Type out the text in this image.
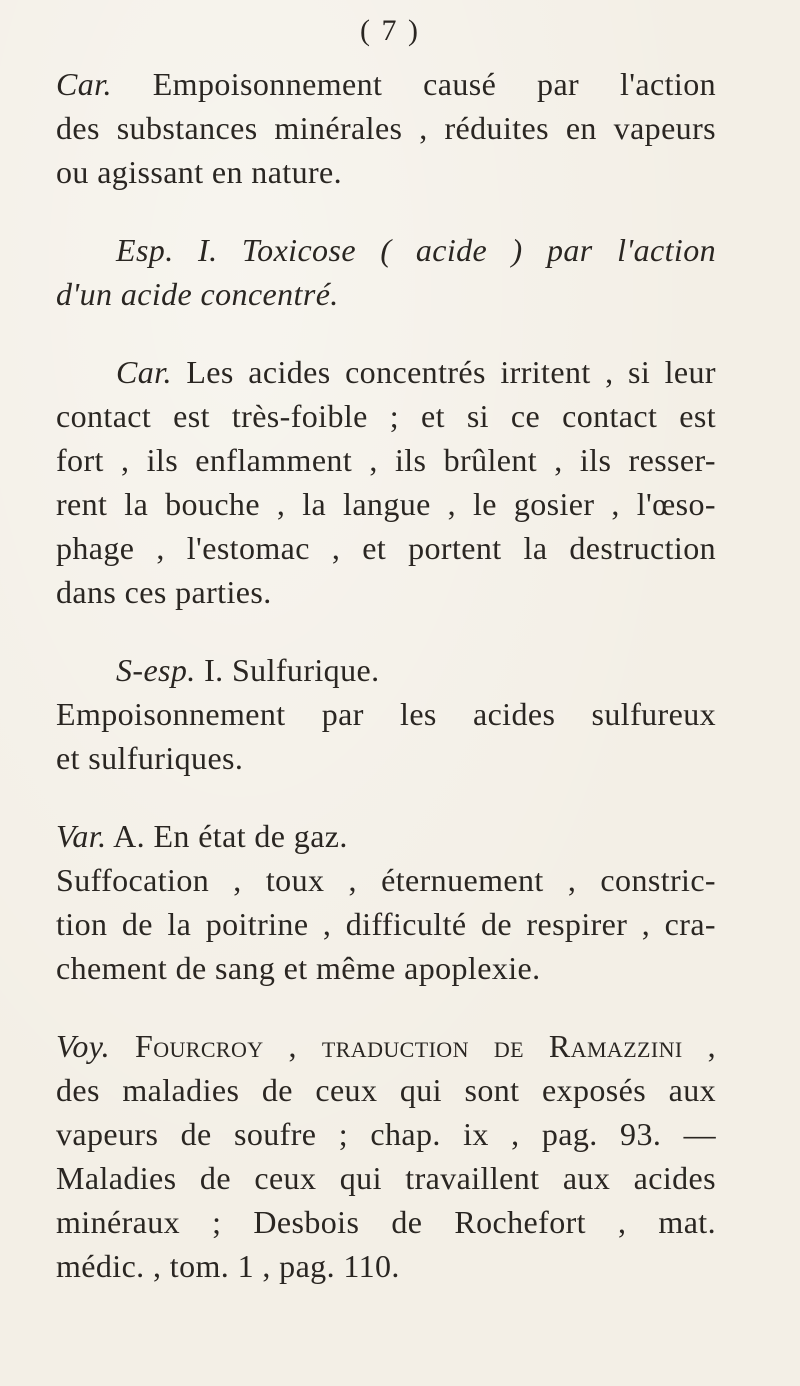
( 7 )
Car. Empoisonnement causé par l'action
des substances minérales , réduites en vapeurs
ou agissant en nature.
Esp. I. Toxicose ( acide ) par l'action
d'un acide concentré.
Car. Les acides concentrés irritent , si leur
contact est très-foible ; et si ce contact est
fort , ils enflamment , ils brûlent , ils resser-
rent la bouche , la langue , le gosier , l'œso-
phage , l'estomac , et portent la destruction
dans ces parties.
S-esp. I. Sulfurique.
Empoisonnement par les acides sulfureux
et sulfuriques.
Var. A. En état de gaz.
Suffocation , toux , éternuement , constric-
tion de la poitrine , difficulté de respirer , cra-
chement de sang et même apoplexie.
Voy. Fourcroy , traduction de Ramazzini ,
des maladies de ceux qui sont exposés aux
vapeurs de soufre ; chap. ix , pag. 93. —
Maladies de ceux qui travaillent aux acides
minéraux ; Desbois de Rochefort , mat.
médic. , tom. 1 , pag. 110.
